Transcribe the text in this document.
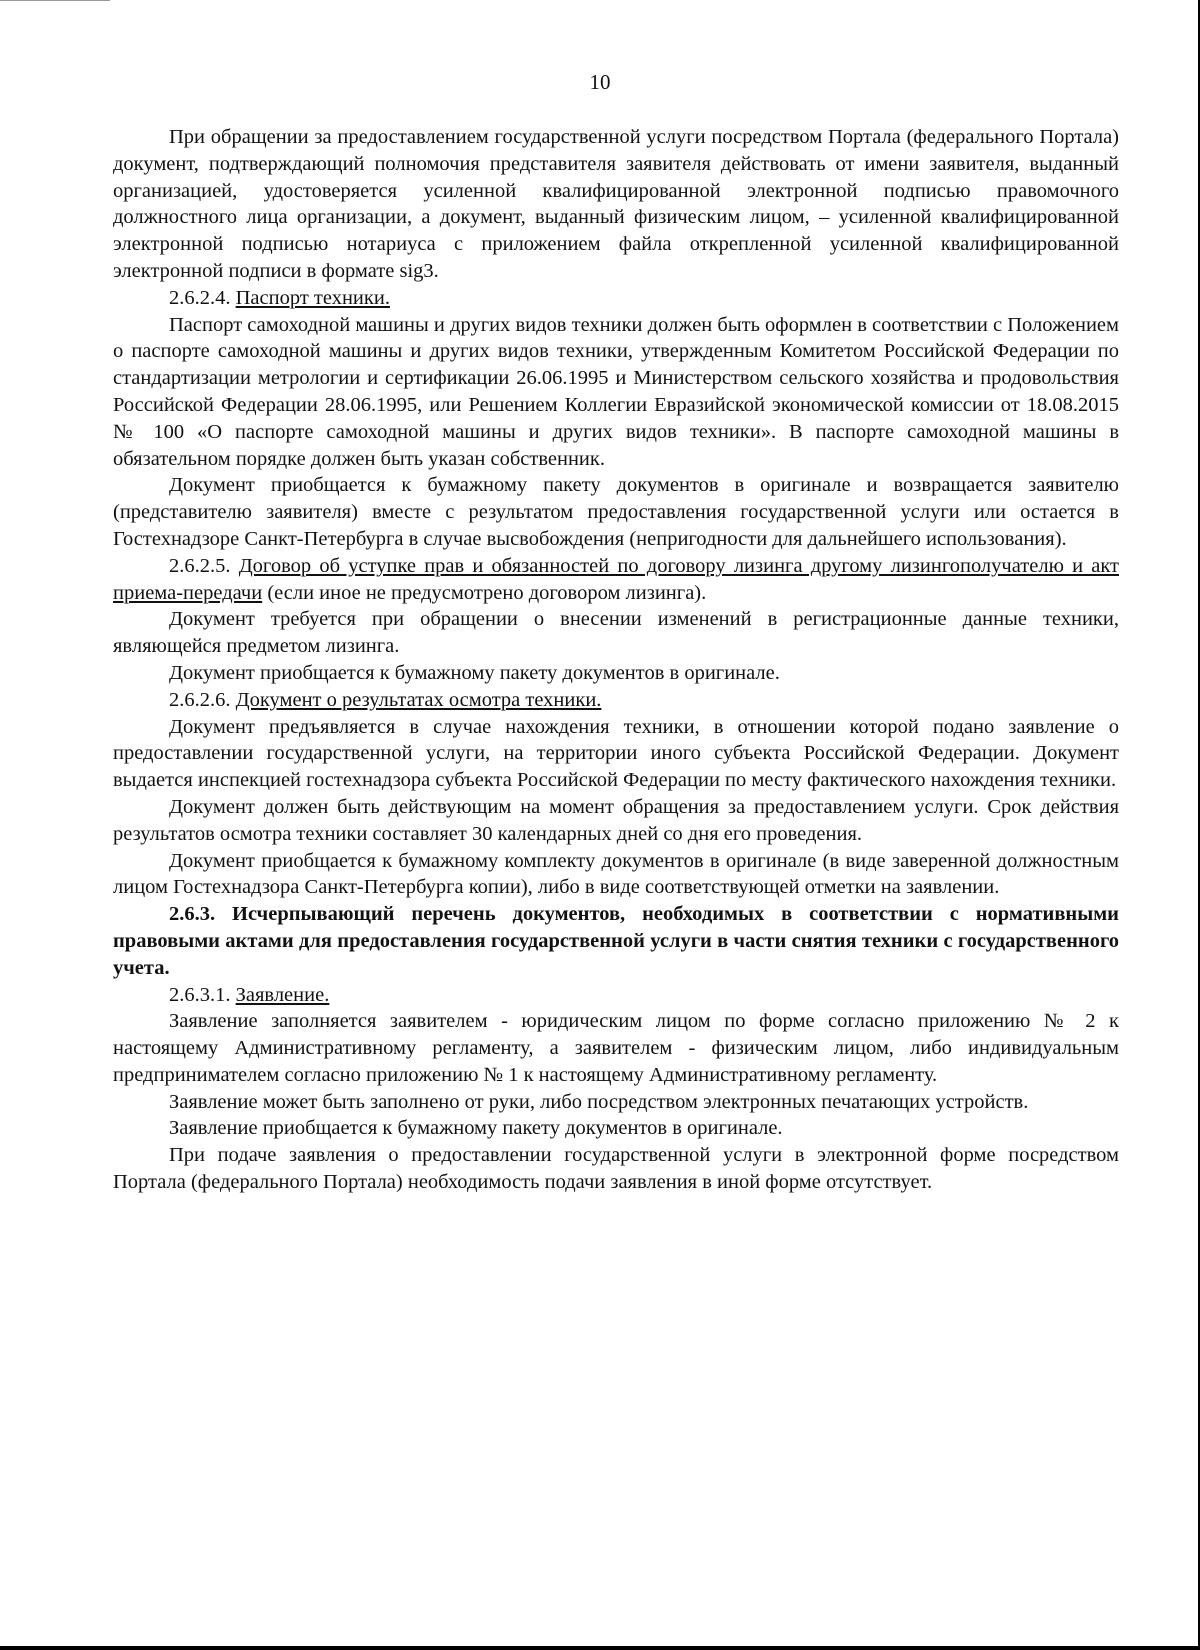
10

При обращении за предоставлением государственной услуги посредством Портала (федерального Портала) документ, подтверждающий полномочия представителя заявителя действовать от имени заявителя, выданный организацией, удостоверяется усиленной квалифицированной электронной подписью правомочного должностного лица организации, а документ, выданный физическим лицом, – усиленной квалифицированной электронной подписью нотариуса с приложением файла открепленной усиленной квалифицированной электронной подписи в формате sig3.

2.6.2.4. Паспорт техники.

Паспорт самоходной машины и других видов техники должен быть оформлен в соответствии с Положением о паспорте самоходной машины и других видов техники, утвержденным Комитетом Российской Федерации по стандартизации метрологии и сертификации 26.06.1995 и Министерством сельского хозяйства и продовольствия Российской Федерации 28.06.1995, или Решением Коллегии Евразийской экономической комиссии от 18.08.2015 № 100 «О паспорте самоходной машины и других видов техники». В паспорте самоходной машины в обязательном порядке должен быть указан собственник.

Документ приобщается к бумажному пакету документов в оригинале и возвращается заявителю (представителю заявителя) вместе с результатом предоставления государственной услуги или остается в Гостехнадзоре Санкт-Петербурга в случае высвобождения (непригодности для дальнейшего использования).

2.6.2.5. Договор об уступке прав и обязанностей по договору лизинга другому лизингополучателю и акт приема-передачи (если иное не предусмотрено договором лизинга).

Документ требуется при обращении о внесении изменений в регистрационные данные техники, являющейся предметом лизинга.

Документ приобщается к бумажному пакету документов в оригинале.

2.6.2.6. Документ о результатах осмотра техники.

Документ предъявляется в случае нахождения техники, в отношении которой подано заявление о предоставлении государственной услуги, на территории иного субъекта Российской Федерации. Документ выдается инспекцией гостехнадзора субъекта Российской Федерации по месту фактического нахождения техники.

Документ должен быть действующим на момент обращения за предоставлением услуги. Срок действия результатов осмотра техники составляет 30 календарных дней со дня его проведения.

Документ приобщается к бумажному комплекту документов в оригинале (в виде заверенной должностным лицом Гостехнадзора Санкт-Петербурга копии), либо в виде соответствующей отметки на заявлении.

2.6.3. Исчерпывающий перечень документов, необходимых в соответствии с нормативными правовыми актами для предоставления государственной услуги в части снятия техники с государственного учета.

2.6.3.1. Заявление.

Заявление заполняется заявителем - юридическим лицом по форме согласно приложению № 2 к настоящему Административному регламенту, а заявителем - физическим лицом, либо индивидуальным предпринимателем согласно приложению № 1 к настоящему Административному регламенту.

Заявление может быть заполнено от руки, либо посредством электронных печатающих устройств.

Заявление приобщается к бумажному пакету документов в оригинале.

При подаче заявления о предоставлении государственной услуги в электронной форме посредством Портала (федерального Портала) необходимость подачи заявления в иной форме отсутствует.
